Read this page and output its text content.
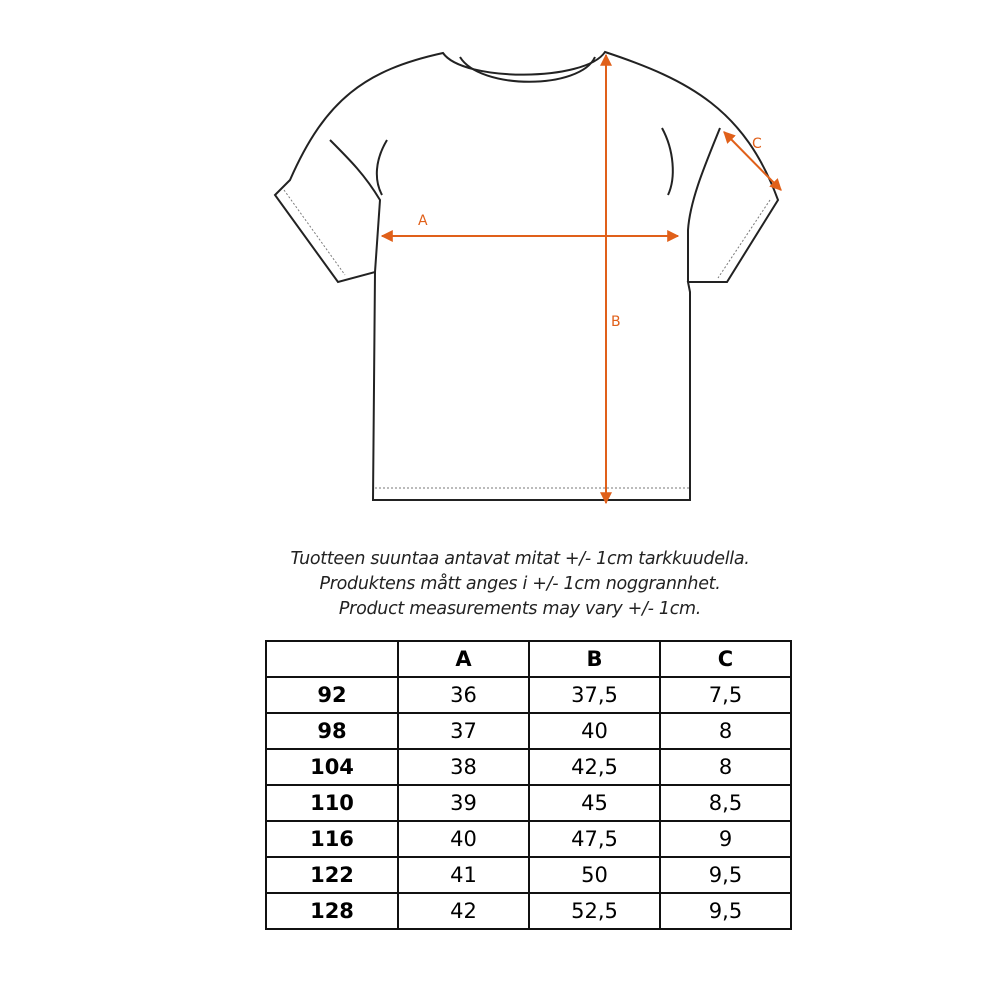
A
B
C
Tuotteen suuntaa antavat mitat +/- 1cm tarkkuudella.
Produktens mått anges i +/- 1cm noggrannhet.
Product measurements may vary +/- 1cm.
	A	B	C
92	36	37,5	7,5
98	37	40	8
104	38	42,5	8
110	39	45	8,5
116	40	47,5	9
122	41	50	9,5
128	42	52,5	9,5
